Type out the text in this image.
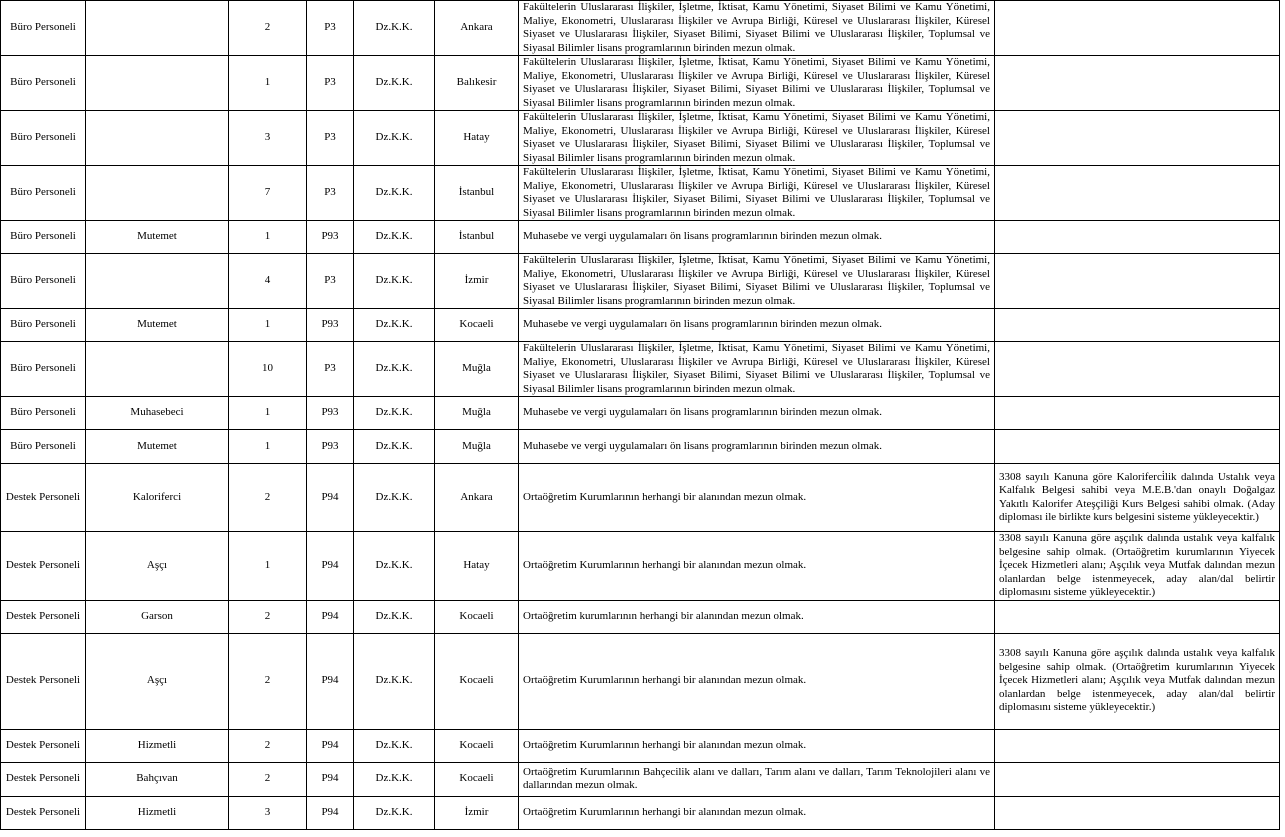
Büro Personeli		2	P3	Dz.K.K.	Ankara	Fakültelerin Uluslararası İlişkiler, İşletme, İktisat, Kamu Yönetimi, Siyaset Bilimi ve Kamu Yönetimi, Maliye, Ekonometri, Uluslararası İlişkiler ve Avrupa Birliği, Küresel ve Uluslararası İlişkiler, Küresel Siyaset ve Uluslararası İlişkiler, Siyaset Bilimi, Siyaset Bilimi ve Uluslararası İlişkiler, Toplumsal ve Siyasal Bilimler lisans programlarının birinden mezun olmak.	
Büro Personeli		1	P3	Dz.K.K.	Balıkesir	Fakültelerin Uluslararası İlişkiler, İşletme, İktisat, Kamu Yönetimi, Siyaset Bilimi ve Kamu Yönetimi, Maliye, Ekonometri, Uluslararası İlişkiler ve Avrupa Birliği, Küresel ve Uluslararası İlişkiler, Küresel Siyaset ve Uluslararası İlişkiler, Siyaset Bilimi, Siyaset Bilimi ve Uluslararası İlişkiler, Toplumsal ve Siyasal Bilimler lisans programlarının birinden mezun olmak.	
Büro Personeli		3	P3	Dz.K.K.	Hatay	Fakültelerin Uluslararası İlişkiler, İşletme, İktisat, Kamu Yönetimi, Siyaset Bilimi ve Kamu Yönetimi, Maliye, Ekonometri, Uluslararası İlişkiler ve Avrupa Birliği, Küresel ve Uluslararası İlişkiler, Küresel Siyaset ve Uluslararası İlişkiler, Siyaset Bilimi, Siyaset Bilimi ve Uluslararası İlişkiler, Toplumsal ve Siyasal Bilimler lisans programlarının birinden mezun olmak.	
Büro Personeli		7	P3	Dz.K.K.	İstanbul	Fakültelerin Uluslararası İlişkiler, İşletme, İktisat, Kamu Yönetimi, Siyaset Bilimi ve Kamu Yönetimi, Maliye, Ekonometri, Uluslararası İlişkiler ve Avrupa Birliği, Küresel ve Uluslararası İlişkiler, Küresel Siyaset ve Uluslararası İlişkiler, Siyaset Bilimi, Siyaset Bilimi ve Uluslararası İlişkiler, Toplumsal ve Siyasal Bilimler lisans programlarının birinden mezun olmak.	
Büro Personeli	Mutemet	1	P93	Dz.K.K.	İstanbul	Muhasebe ve vergi uygulamaları ön lisans programlarının birinden mezun olmak.	
Büro Personeli		4	P3	Dz.K.K.	İzmir	Fakültelerin Uluslararası İlişkiler, İşletme, İktisat, Kamu Yönetimi, Siyaset Bilimi ve Kamu Yönetimi, Maliye, Ekonometri, Uluslararası İlişkiler ve Avrupa Birliği, Küresel ve Uluslararası İlişkiler, Küresel Siyaset ve Uluslararası İlişkiler, Siyaset Bilimi, Siyaset Bilimi ve Uluslararası İlişkiler, Toplumsal ve Siyasal Bilimler lisans programlarının birinden mezun olmak.	
Büro Personeli	Mutemet	1	P93	Dz.K.K.	Kocaeli	Muhasebe ve vergi uygulamaları ön lisans programlarının birinden mezun olmak.	
Büro Personeli		10	P3	Dz.K.K.	Muğla	Fakültelerin Uluslararası İlişkiler, İşletme, İktisat, Kamu Yönetimi, Siyaset Bilimi ve Kamu Yönetimi, Maliye, Ekonometri, Uluslararası İlişkiler ve Avrupa Birliği, Küresel ve Uluslararası İlişkiler, Küresel Siyaset ve Uluslararası İlişkiler, Siyaset Bilimi, Siyaset Bilimi ve Uluslararası İlişkiler, Toplumsal ve Siyasal Bilimler lisans programlarının birinden mezun olmak.	
Büro Personeli	Muhasebeci	1	P93	Dz.K.K.	Muğla	Muhasebe ve vergi uygulamaları ön lisans programlarının birinden mezun olmak.	
Büro Personeli	Mutemet	1	P93	Dz.K.K.	Muğla	Muhasebe ve vergi uygulamaları ön lisans programlarının birinden mezun olmak.	
Destek Personeli	Kaloriferci	2	P94	Dz.K.K.	Ankara	Ortaöğretim Kurumlarının herhangi bir alanından mezun olmak.	3308 sayılı Kanuna göre Kaloriferci̇lik dalında Ustalık veya Kalfalık Belgesi sahibi veya M.E.B.'dan onaylı Doğalgaz Yakıtlı Kalorifer Ateşçiliği Kurs Belgesi sahibi olmak. (Aday diploması ile birlikte kurs belgesini sisteme yükleyecektir.)
Destek Personeli	Aşçı	1	P94	Dz.K.K.	Hatay	Ortaöğretim Kurumlarının herhangi bir alanından mezun olmak.	3308 sayılı Kanuna göre aşçılık dalında ustalık veya kalfalık belgesine sahip olmak. (Ortaöğretim kurumlarının Yiyecek İçecek Hizmetleri alanı; Aşçılık veya Mutfak dalından mezun olanlardan belge istenmeyecek, aday alan/dal belirtir diplomasını sisteme yükleyecektir.)
Destek Personeli	Garson	2	P94	Dz.K.K.	Kocaeli	Ortaöğretim kurumlarının herhangi bir alanından mezun olmak.	
Destek Personeli	Aşçı	2	P94	Dz.K.K.	Kocaeli	Ortaöğretim Kurumlarının herhangi bir alanından mezun olmak.	3308 sayılı Kanuna göre aşçılık dalında ustalık veya kalfalık belgesine sahip olmak. (Ortaöğretim kurumlarının Yiyecek İçecek Hizmetleri alanı; Aşçılık veya Mutfak dalından mezun olanlardan belge istenmeyecek, aday alan/dal belirtir diplomasını sisteme yükleyecektir.)
Destek Personeli	Hizmetli	2	P94	Dz.K.K.	Kocaeli	Ortaöğretim Kurumlarının herhangi bir alanından mezun olmak.	
Destek Personeli	Bahçıvan	2	P94	Dz.K.K.	Kocaeli	Ortaöğretim Kurumlarının Bahçecilik alanı ve dalları, Tarım alanı ve dalları, Tarım Teknolojileri alanı ve dallarından mezun olmak.	
Destek Personeli	Hizmetli	3	P94	Dz.K.K.	İzmir	Ortaöğretim Kurumlarının herhangi bir alanından mezun olmak.	
